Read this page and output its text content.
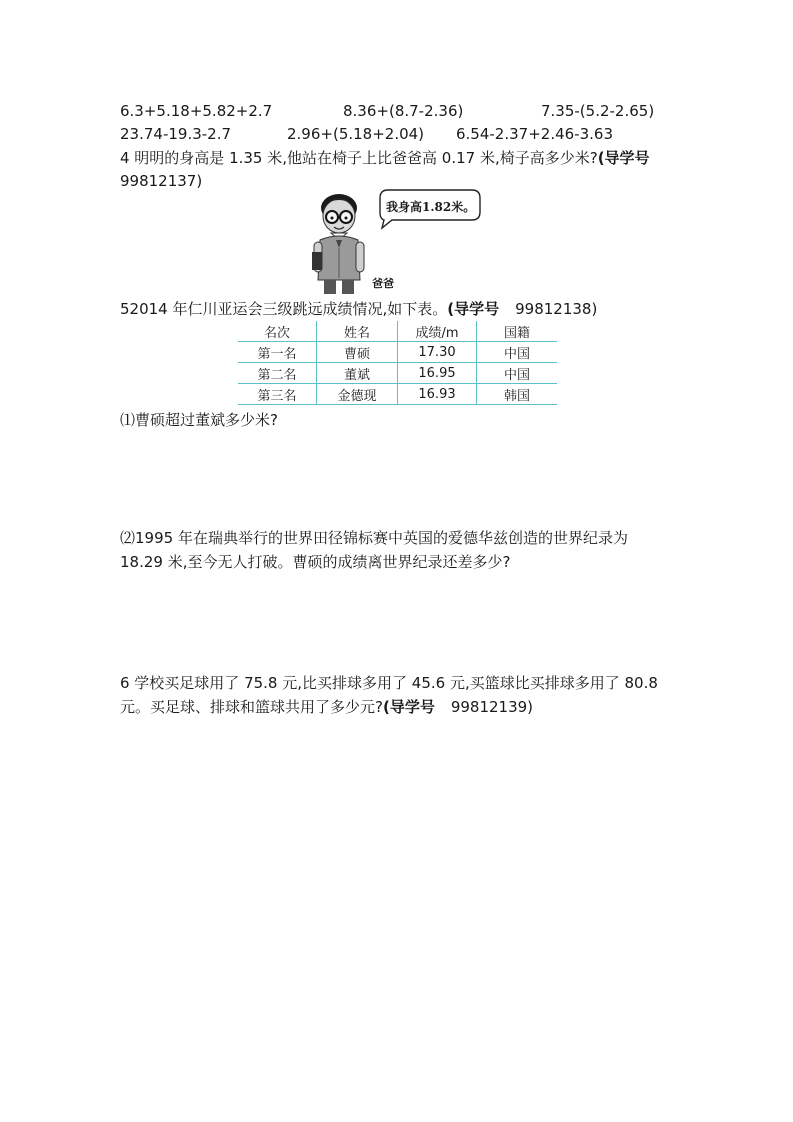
6.3+5.18+5.82+2.7	8.36+(8.7-2.36)	7.35-(5.2-2.65)
23.74-19.3-2.7	2.96+(5.18+2.04) 6.54-2.37+2.46-3.63
4 明明的身高是 1.35 米,他站在椅子上比爸爸高 0.17 米,椅子高多少米?(导学号
99812137)
我身高1.82米。
爸爸
52014 年仁川亚运会三级跳远成绩情况,如下表。(导学号 99812138)
名次	姓名	成绩/m	国籍
第一名	曹硕	17.30	中国
第二名	董斌	16.95	中国
第三名	金德现	16.93	韩国
⑴曹硕超过董斌多少米?
⑵1995 年在瑞典举行的世界田径锦标赛中英国的爱德华兹创造的世界纪录为
18.29 米,至今无人打破。曹硕的成绩离世界纪录还差多少?
6 学校买足球用了 75.8 元,比买排球多用了 45.6 元,买篮球比买排球多用了 80.8
元。买足球、排球和篮球共用了多少元?(导学号 99812139)
